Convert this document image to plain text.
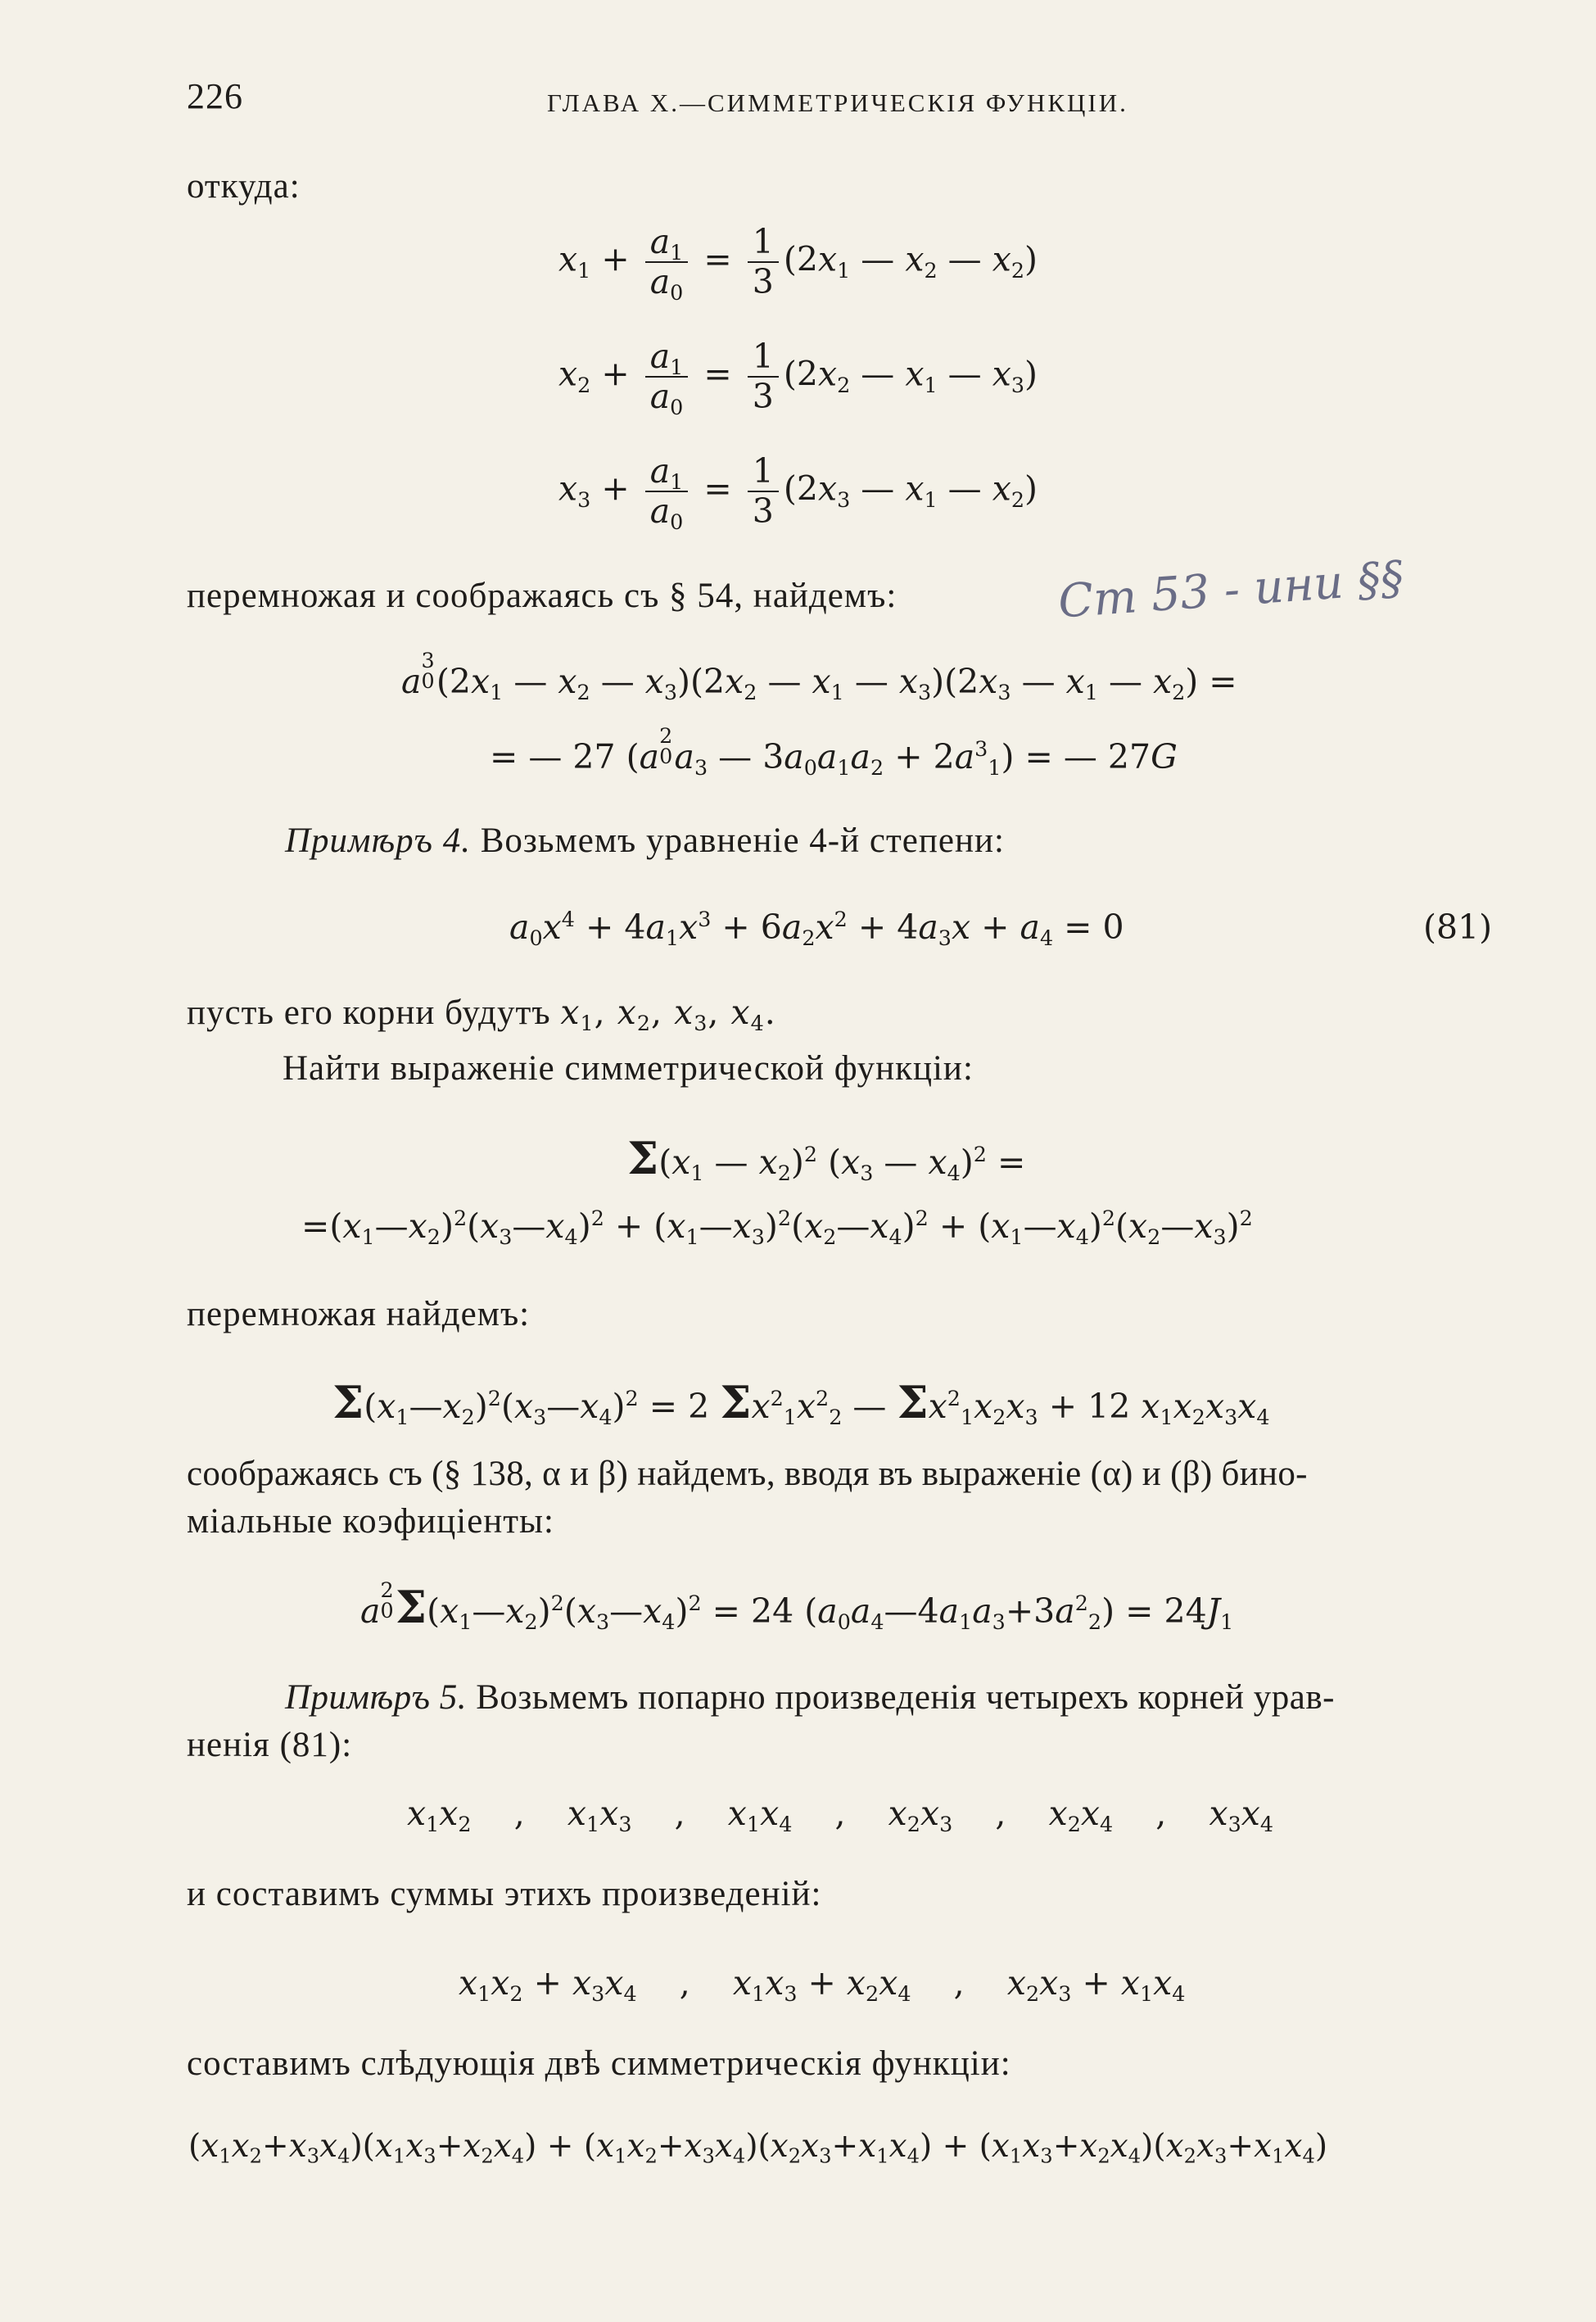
226	ГЛАВА X.—СИММЕТРИЧЕСКІЯ ФУНКЦІИ.
откуда:
$x_1 + \frac{a_1}{a_0} = \frac{1}{3} (2x_1$ — $x_2$ — $x_2$)
$x_2 + \frac{a_1}{a_0} = \frac{1}{3} (2x_2$ — $x_1$ — $x_3$)
$x_3 + \frac{a_1}{a_0} = \frac{1}{3} (2x_3$ — $x_1$ — $x_2$)
перемножая и соображаясь съ § 54, найдемъ:	Ст 53 - ини §§
a
3
0 ($2x_1$ — $x_2$ — $x_3)(2x_2$ — $x_1$ — $x_3)(2x_3$ — $x_1$ — $x_2$) =
= — 27 (a
2
0 $a_3$ — $3a_0a_1a_2 + 2a^3_1$) = — 27G
Примѣръ 4. Возьмемъ уравненіе 4-й степени:
$a_0x^4 + 4a_1x^3 + 6a_2x^2 + 4a_3x + a_4 = 0$	(81)
пусть его корни будутъ $x_1$, $x_2$, $x_3$, $x_4$.
Найти выраженіе симметрической функціи:
$\Sigma(x_1$ — $x_2)^2$ ($x_3$ — $x_4)^2$ =
$=(x_1—x_2)^2(x_3—x_4)^2$ + $(x_1—x_3)^2(x_2—x_4)^2$ + $(x_1—x_4)^2(x_2—x_3)^2$
перемножая найдемъ:
$\Sigma(x_1—x_2)^2(x_3—x_4)^2 = 2$ $\Sigma x^2_1x^2_2$ — $\Sigma x^2_1x_2x_3 + 12$ $x_1x_2x_3x_4$
соображаясь съ (§ 138, α и β) найдемъ, вводя въ выраженіе (α) и (β) бино-
міальные коэфиціенты:
a
2
0 $\Sigma(x_1—x_2)^2(x_3—x_4)^2 = 24$ $(a_0a_4—4a_1a_3+3a^2_2) = 24J_1$
Примѣръ 5. Возьмемъ попарно произведенія четырехъ корней урав-
ненія (81):
$x_1x_2$    ,    $x_1x_3$    ,    $x_1x_4$    ,    $x_2x_3$    ,    $x_2x_4$    ,    $x_3x_4$
и составимъ суммы этихъ произведеній:
$x_1x_2 + x_3x_4$    ,    $x_1x_3 + x_2x_4$    ,    $x_2x_3 + x_1x_4$
составимъ слѣдующія двѣ симметрическія функціи:
$(x_1x_2+x_3x_4)(x_1x_3+x_2x_4) + (x_1x_2+x_3x_4)(x_2x_3+x_1x_4) + (x_1x_3+x_2x_4)(x_2x_3+x_1x_4)$
